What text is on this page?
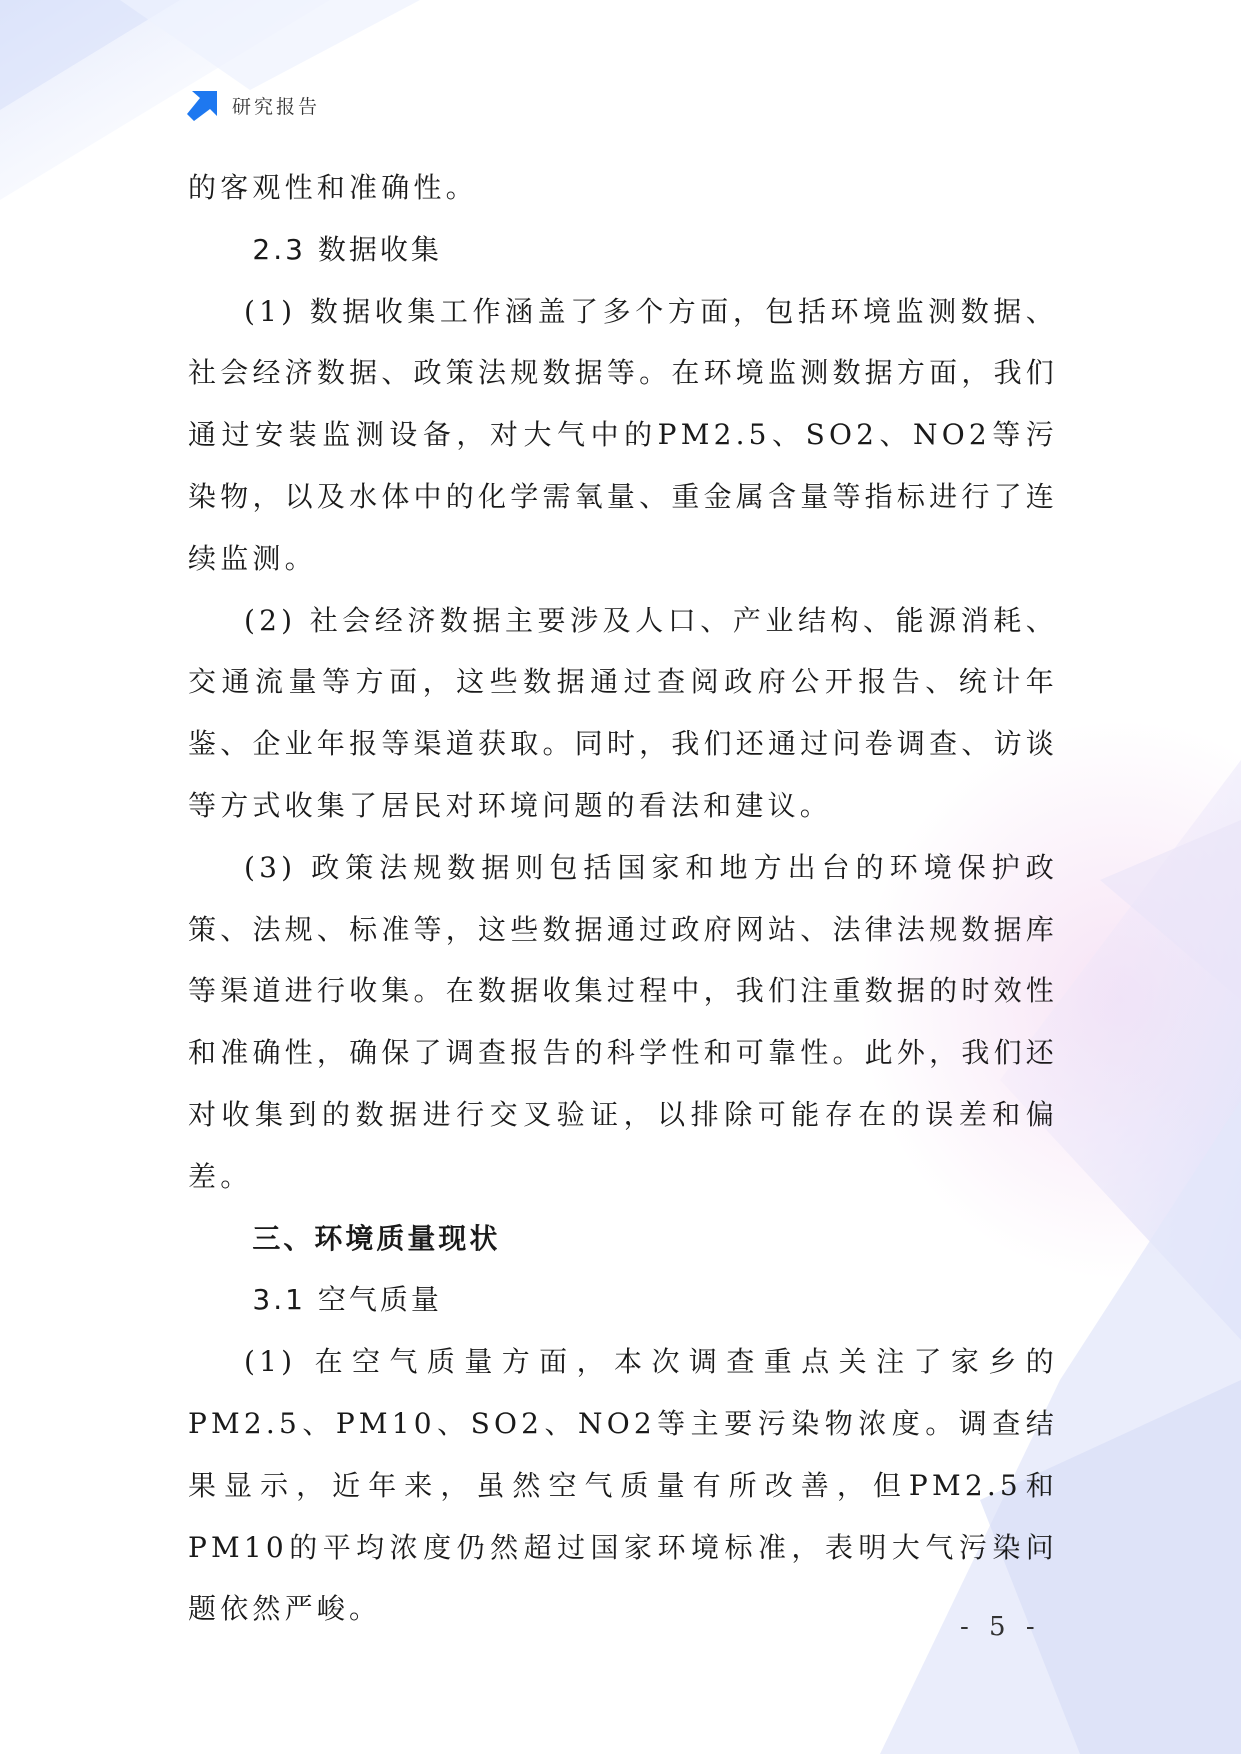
研究报告

的客观性和准确性。

2.3 数据收集

(1) 数据收集工作涵盖了多个方面，包括环境监测数据、社会经济数据、政策法规数据等。在环境监测数据方面，我们通过安装监测设备，对大气中的PM2.5、SO2、NO2等污染物，以及水体中的化学需氧量、重金属含量等指标进行了连续监测。

(2) 社会经济数据主要涉及人口、产业结构、能源消耗、交通流量等方面，这些数据通过查阅政府公开报告、统计年鉴、企业年报等渠道获取。同时，我们还通过问卷调查、访谈等方式收集了居民对环境问题的看法和建议。

(3) 政策法规数据则包括国家和地方出台的环境保护政策、法规、标准等，这些数据通过政府网站、法律法规数据库等渠道进行收集。在数据收集过程中，我们注重数据的时效性和准确性，确保了调查报告的科学性和可靠性。此外，我们还对收集到的数据进行交叉验证，以排除可能存在的误差和偏差。

三、环境质量现状

3.1 空气质量

(1) 在空气质量方面，本次调查重点关注了家乡的PM2.5、PM10、SO2、NO2等主要污染物浓度。调查结果显示，近年来，虽然空气质量有所改善，但PM2.5和PM10的平均浓度仍然超过国家环境标准，表明大气污染问题依然严峻。

- 5 -
